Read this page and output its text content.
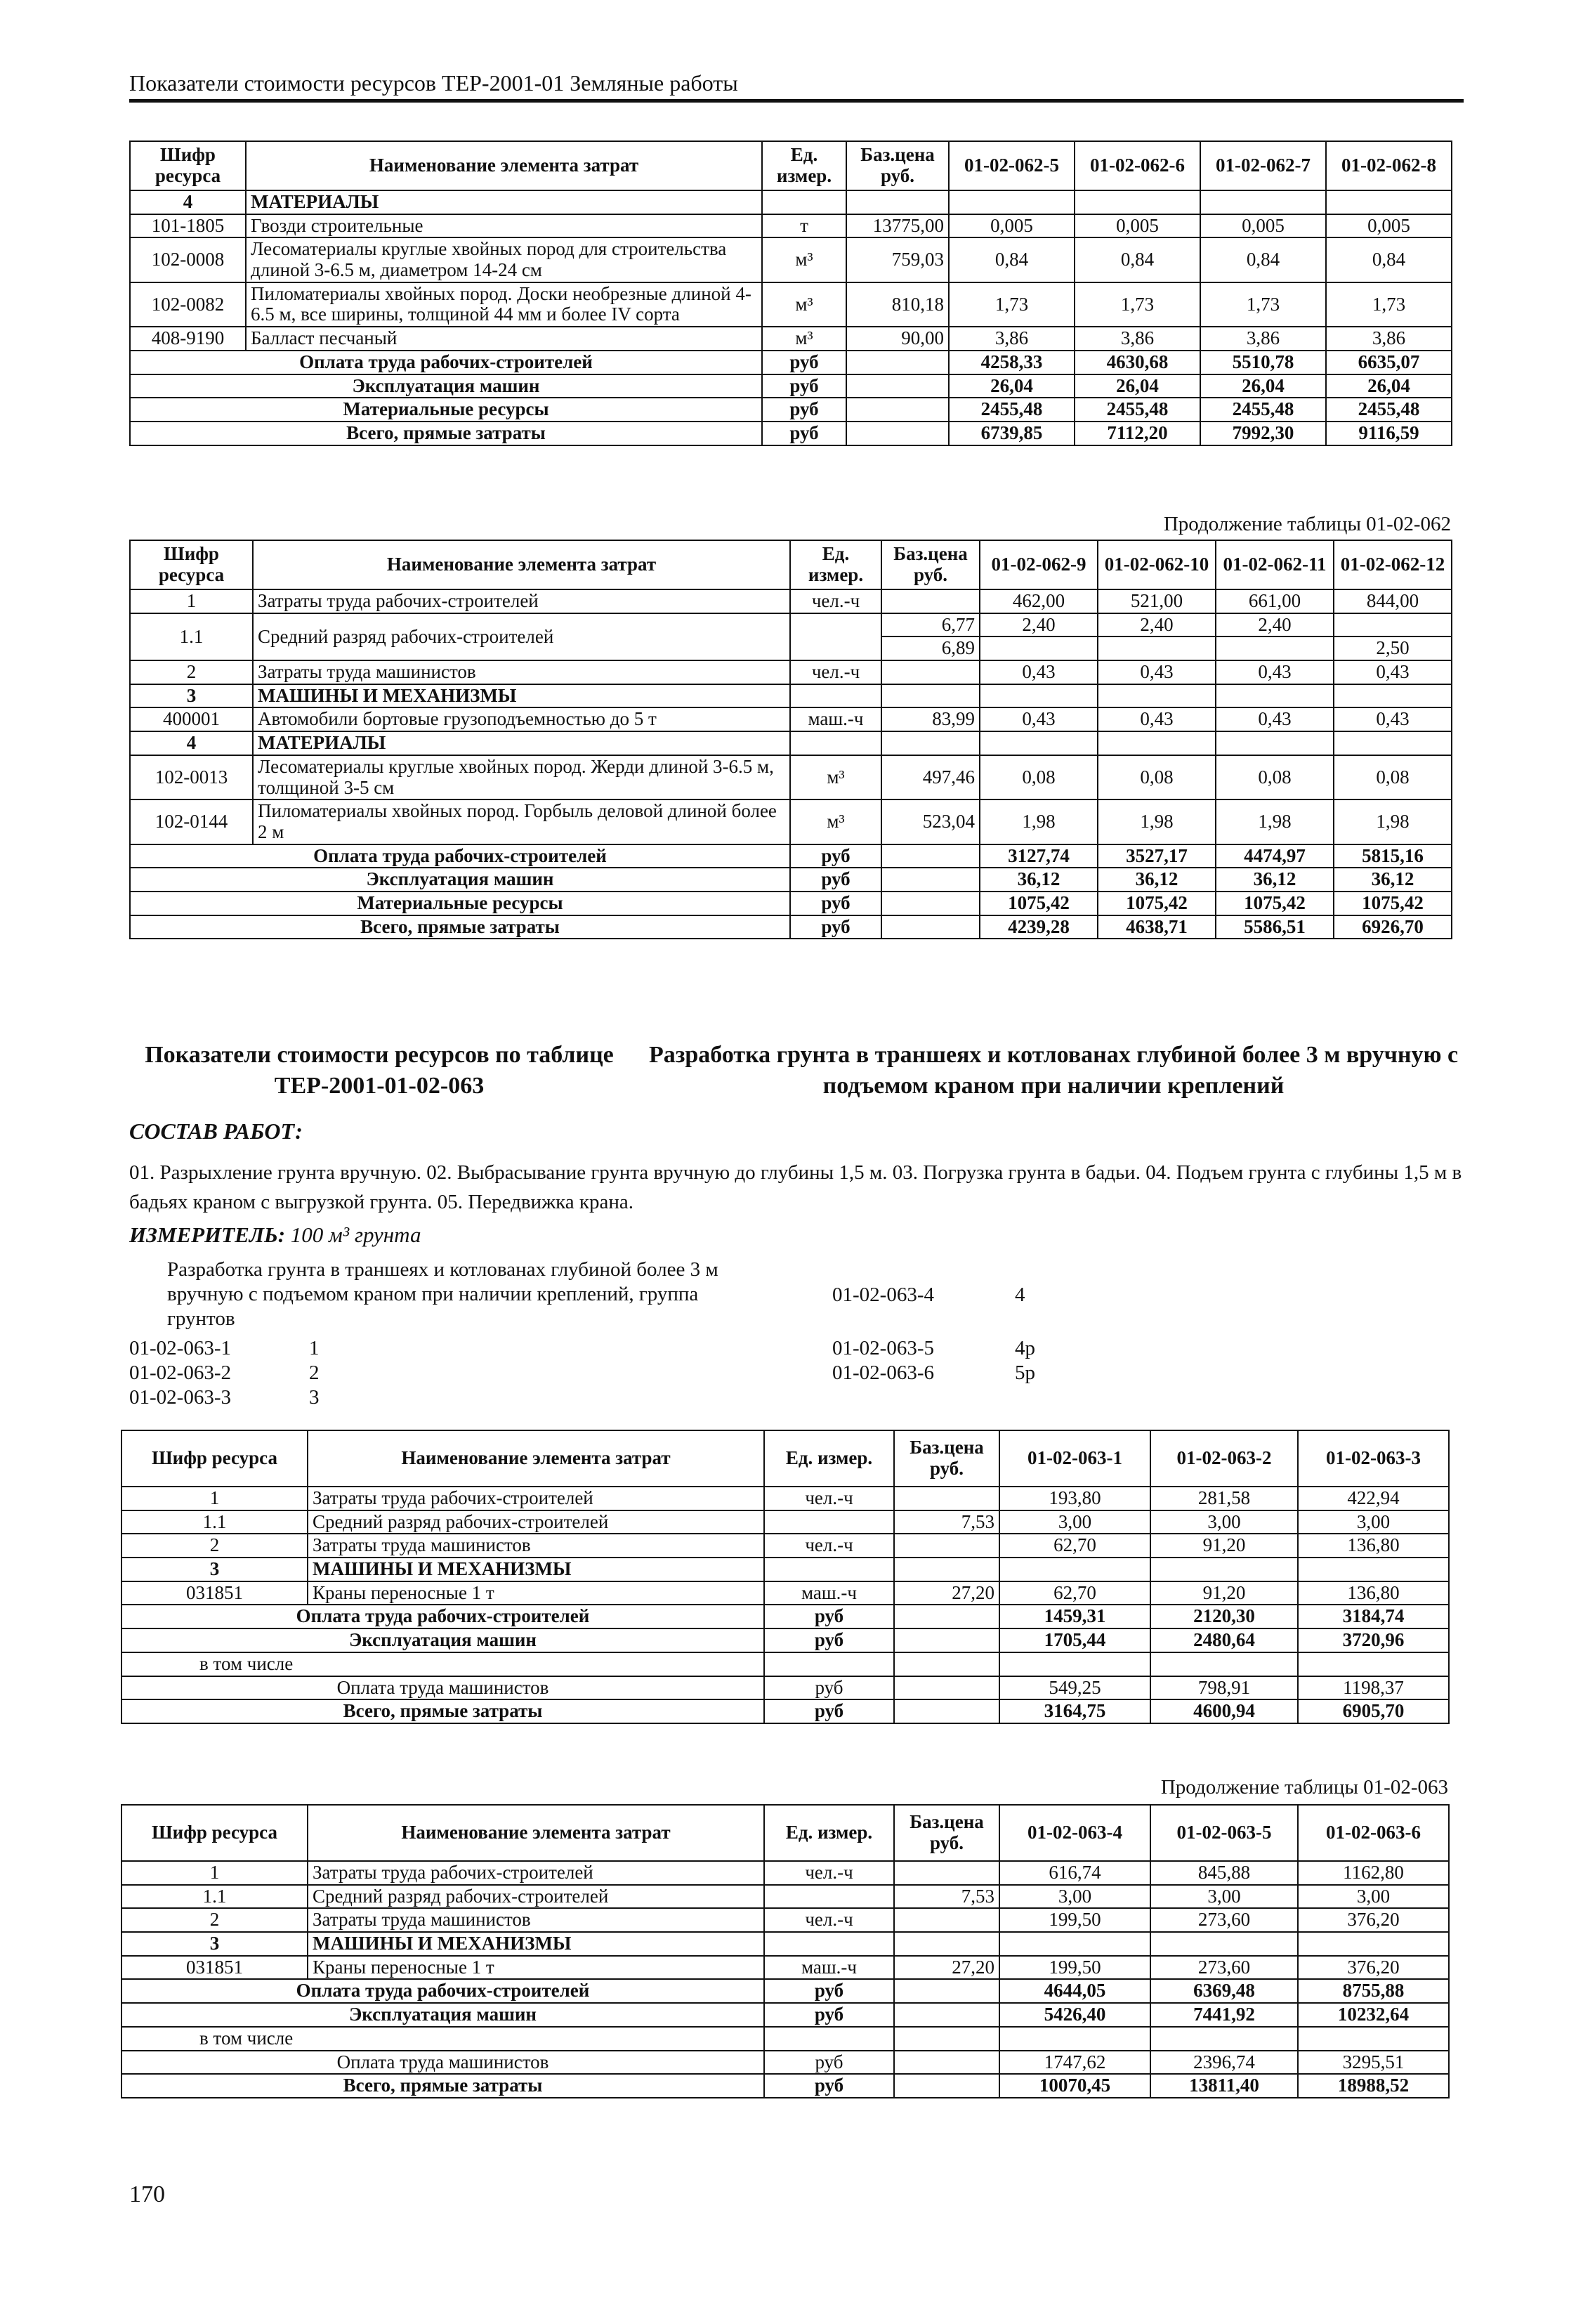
Показатели стоимости ресурсов ТЕР-2001-01 Земляные работы
Шифр ресурса	Наименование элемента затрат	Ед. измер.	Баз.цена руб.	01-02-062-5	01-02-062-6	01-02-062-7	01-02-062-8
4	МАТЕРИАЛЫ						
101-1805	Гвозди строительные	т	13775,00	0,005	0,005	0,005	0,005
102-0008	Лесоматериалы круглые хвойных пород для строительства длиной 3-6.5 м, диаметром 14-24 см	м³	759,03	0,84	0,84	0,84	0,84
102-0082	Пиломатериалы хвойных пород. Доски необрезные длиной 4-6.5 м, все ширины, толщиной 44 мм и более IV сорта	м³	810,18	1,73	1,73	1,73	1,73
408-9190	Балласт песчаный	м³	90,00	3,86	3,86	3,86	3,86
Оплата труда рабочих-строителей		руб		4258,33	4630,68	5510,78	6635,07
Эксплуатация машин		руб		26,04	26,04	26,04	26,04
Материальные ресурсы		руб		2455,48	2455,48	2455,48	2455,48
Всего, прямые затраты		руб		6739,85	7112,20	7992,30	9116,59
Продолжение таблицы 01-02-062
Шифр ресурса	Наименование элемента затрат	Ед. измер.	Баз.цена руб.	01-02-062-9	01-02-062-10	01-02-062-11	01-02-062-12
1	Затраты труда рабочих-строителей	чел.-ч		462,00	521,00	661,00	844,00
1.1	Средний разряд рабочих-строителей		6,77	2,40	2,40	2,40	
			6,89				2,50
2	Затраты труда машинистов	чел.-ч		0,43	0,43	0,43	0,43
3	МАШИНЫ И МЕХАНИЗМЫ						
400001	Автомобили бортовые грузоподъемностью до 5 т	маш.-ч	83,99	0,43	0,43	0,43	0,43
4	МАТЕРИАЛЫ						
102-0013	Лесоматериалы круглые хвойных пород. Жерди длиной 3-6.5 м, толщиной 3-5 см	м³	497,46	0,08	0,08	0,08	0,08
102-0144	Пиломатериалы хвойных пород. Горбыль деловой длиной более 2 м	м³	523,04	1,98	1,98	1,98	1,98
Оплата труда рабочих-строителей		руб		3127,74	3527,17	4474,97	5815,16
Эксплуатация машин		руб		36,12	36,12	36,12	36,12
Материальные ресурсы		руб		1075,42	1075,42	1075,42	1075,42
Всего, прямые затраты		руб		4239,28	4638,71	5586,51	6926,70
Показатели стоимости ресурсов по таблице ТЕР-2001-01-02-063
Разработка грунта в траншеях и котлованах глубиной более 3 м вручную с подъемом краном при наличии креплений
СОСТАВ РАБОТ:
01. Разрыхление грунта вручную. 02. Выбрасывание грунта вручную до глубины 1,5 м. 03. Погрузка грунта в бадьи. 04. Подъем грунта с глубины 1,5 м в бадьях краном с выгрузкой грунта. 05. Передвижка крана.
ИЗМЕРИТЕЛЬ: 100 м³ грунта
Разработка грунта в траншеях и котлованах глубиной более 3 м вручную с подъемом краном при наличии креплений, группа грунтов
01-02-063-1	1
01-02-063-2	2
01-02-063-3	3
01-02-063-4	4
01-02-063-5	4р
01-02-063-6	5р
Шифр ресурса	Наименование элемента затрат	Ед. измер.	Баз.цена руб.	01-02-063-1	01-02-063-2	01-02-063-3
1	Затраты труда рабочих-строителей	чел.-ч		193,80	281,58	422,94
1.1	Средний разряд рабочих-строителей		7,53	3,00	3,00	3,00
2	Затраты труда машинистов	чел.-ч		62,70	91,20	136,80
3	МАШИНЫ И МЕХАНИЗМЫ					
031851	Краны переносные 1 т	маш.-ч	27,20	62,70	91,20	136,80
Оплата труда рабочих-строителей		руб		1459,31	2120,30	3184,74
Эксплуатация машин		руб		1705,44	2480,64	3720,96
в том числе						
Оплата труда машинистов		руб		549,25	798,91	1198,37
Всего, прямые затраты		руб		3164,75	4600,94	6905,70
Продолжение таблицы 01-02-063
Шифр ресурса	Наименование элемента затрат	Ед. измер.	Баз.цена руб.	01-02-063-4	01-02-063-5	01-02-063-6
1	Затраты труда рабочих-строителей	чел.-ч		616,74	845,88	1162,80
1.1	Средний разряд рабочих-строителей		7,53	3,00	3,00	3,00
2	Затраты труда машинистов	чел.-ч		199,50	273,60	376,20
3	МАШИНЫ И МЕХАНИЗМЫ					
031851	Краны переносные 1 т	маш.-ч	27,20	199,50	273,60	376,20
Оплата труда рабочих-строителей		руб		4644,05	6369,48	8755,88
Эксплуатация машин		руб		5426,40	7441,92	10232,64
в том числе						
Оплата труда машинистов		руб		1747,62	2396,74	3295,51
Всего, прямые затраты		руб		10070,45	13811,40	18988,52
170
